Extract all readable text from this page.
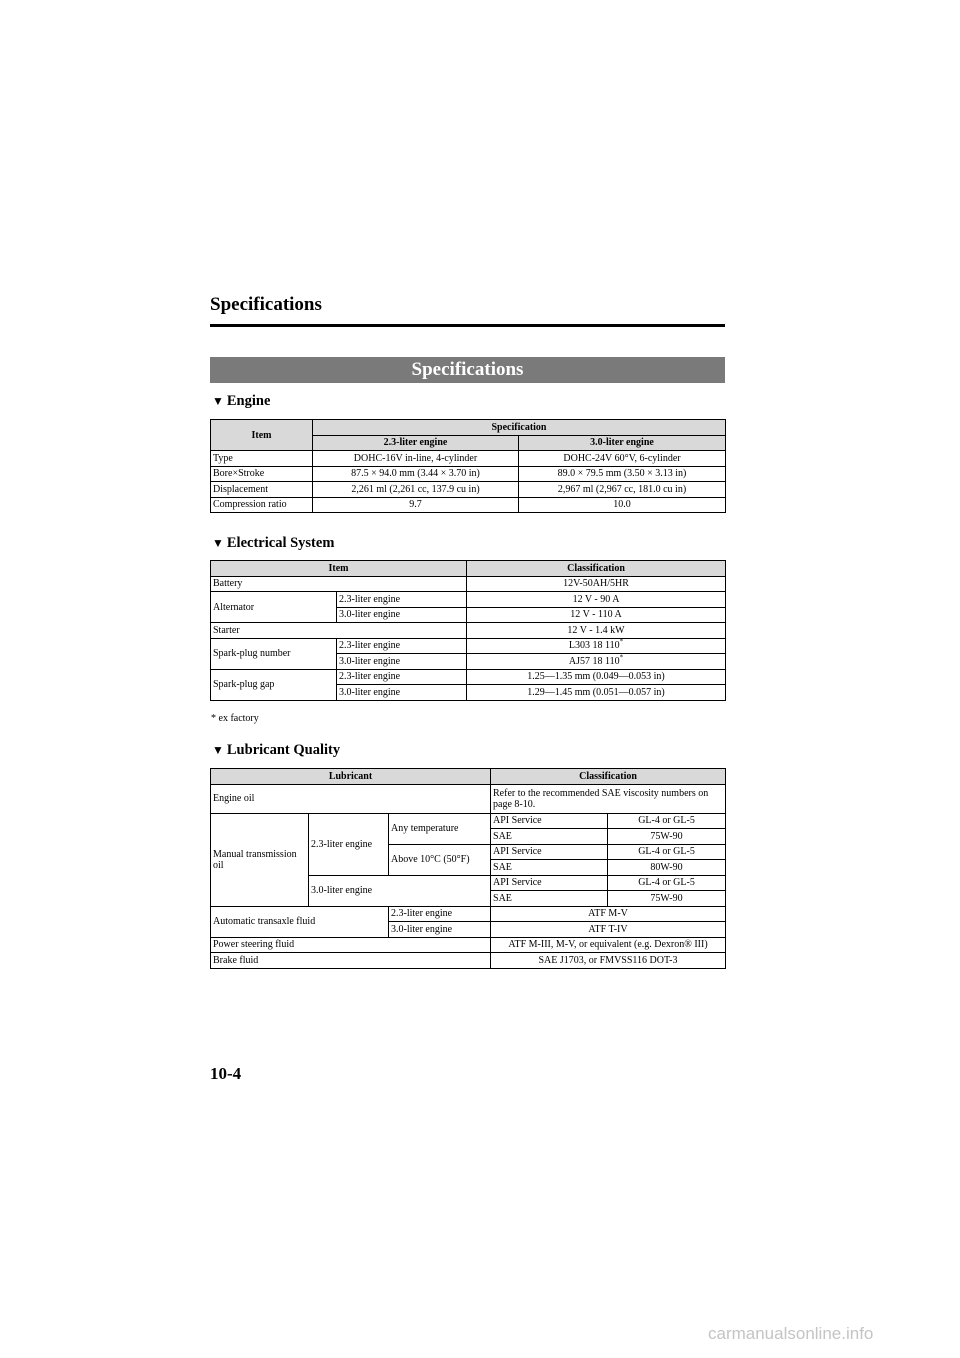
Specifications
Specifications
▼ Engine
Item	Specification	
	2.3-liter engine	3.0-liter engine
Type	DOHC-16V in-line, 4-cylinder	DOHC-24V 60°V, 6-cylinder
Bore×Stroke	87.5 × 94.0 mm (3.44 × 3.70 in)	89.0 × 79.5 mm (3.50 × 3.13 in)
Displacement	2,261 ml (2,261 cc, 137.9 cu in)	2,967 ml (2,967 cc, 181.0 cu in)
Compression ratio	9.7	10.0
▼ Electrical System
Item		Classification
Battery		12V-50AH/5HR
Alternator	2.3-liter engine	12 V - 90 A
	3.0-liter engine	12 V - 110 A
Starter		12 V - 1.4 kW
Spark-plug number	2.3-liter engine	L303 18 110*
	3.0-liter engine	AJ57 18 110*
Spark-plug gap	2.3-liter engine	1.25—1.35 mm (0.049—0.053 in)
	3.0-liter engine	1.29—1.45 mm (0.051—0.057 in)
* ex factory
▼ Lubricant Quality
Lubricant			Classification	
Engine oil			Refer to the recommended SAE viscosity numbers on page 8-10.	
Manual transmission oil	2.3-liter engine	Any temperature	API Service	GL-4 or GL-5
			SAE	75W-90
		Above 10°C (50°F)	API Service	GL-4 or GL-5
			SAE	80W-90
	3.0-liter engine		API Service	GL-4 or GL-5
			SAE	75W-90
Automatic transaxle fluid		2.3-liter engine	ATF M-V	
		3.0-liter engine	ATF T-IV	
Power steering fluid			ATF M-III, M-V, or equivalent (e.g. Dexron® III)	
Brake fluid			SAE J1703, or FMVSS116 DOT-3	
10-4
carmanualsonline.info
